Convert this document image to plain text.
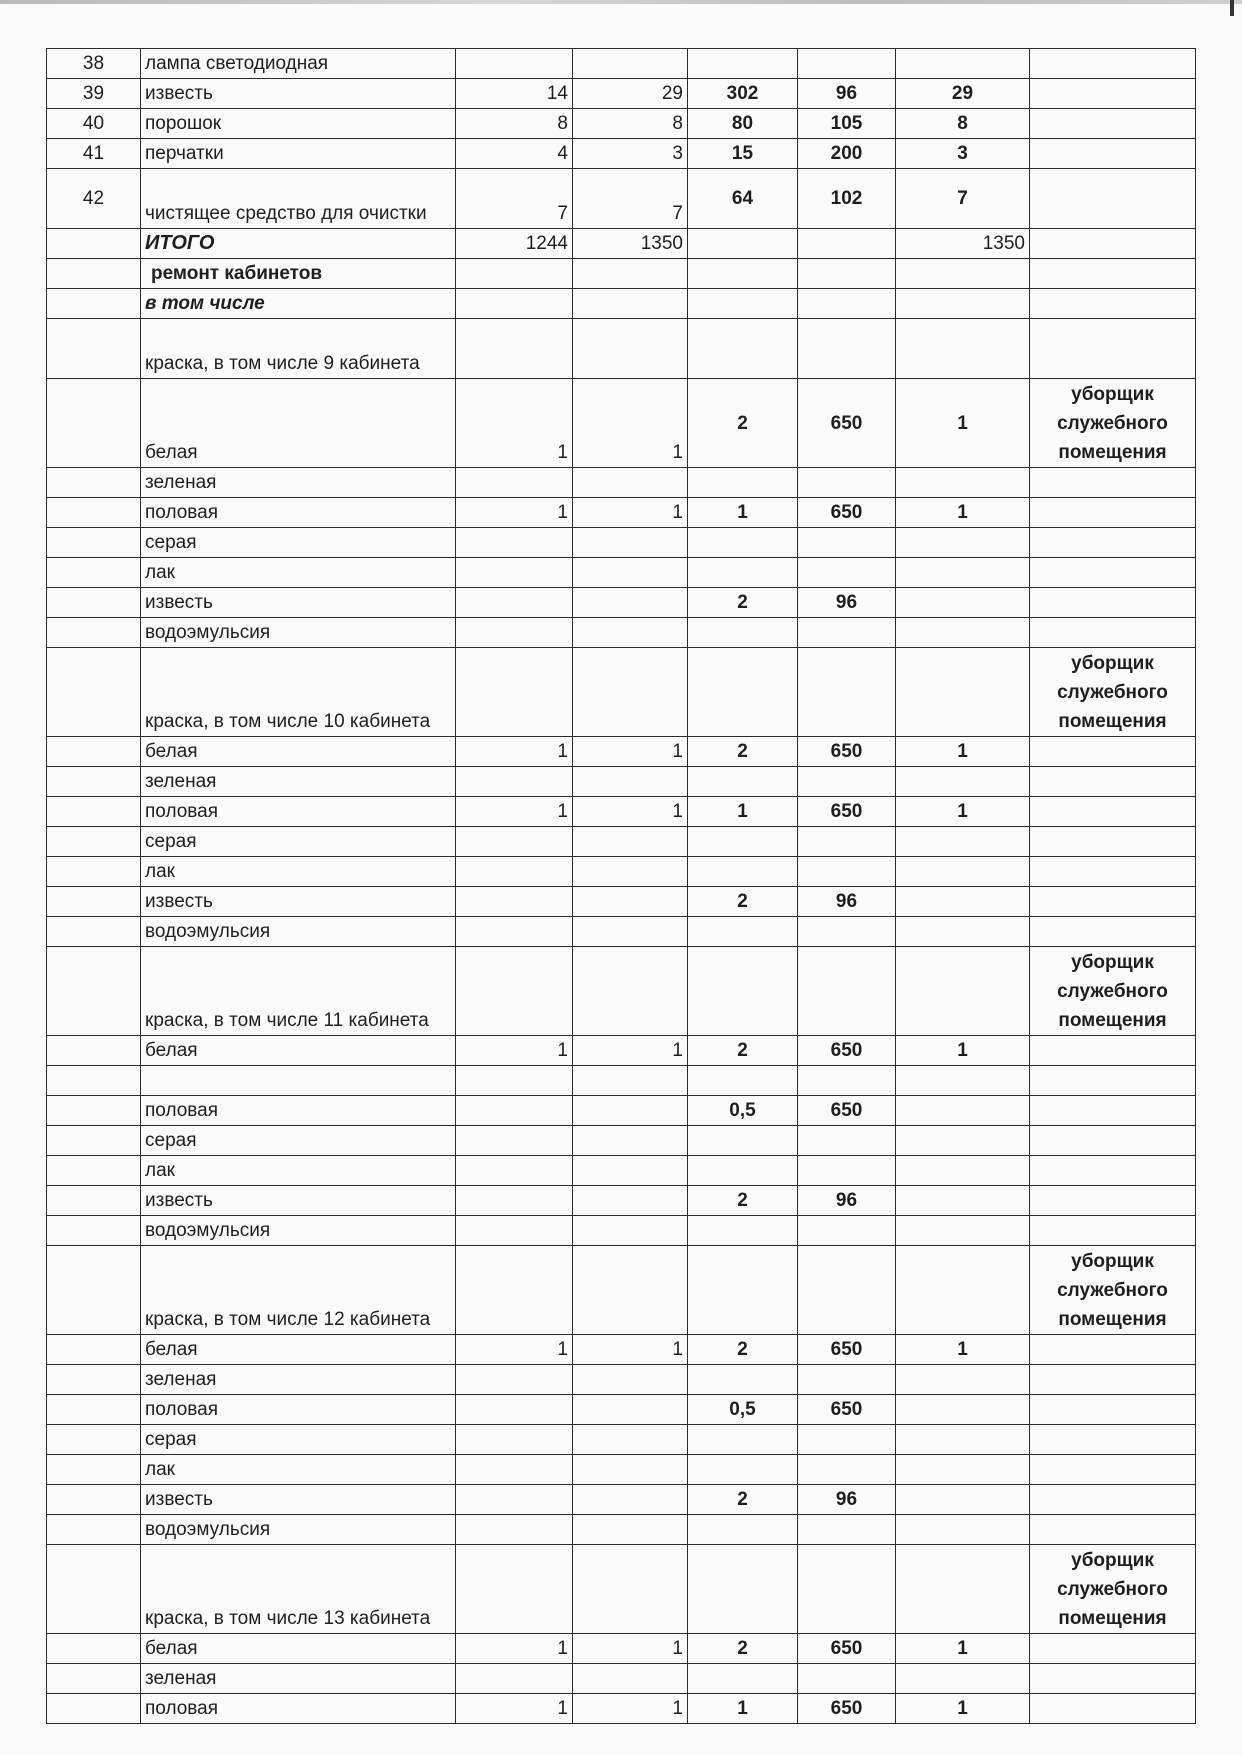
38	лампа светодиодная						
39	известь	14	29	302	96	29	
40	порошок	8	8	80	105	8	
41	перчатки	4	3	15	200	3	
42	чистящее средство для очистки	7	7	64	102	7	
	ИТОГО	1244	1350			1350	
	ремонт кабинетов						
	в том числе						
	краска, в том числе 9 кабинета						
	белая	1	1	2	650	1	уборщик служебного помещения
	зеленая						
	половая	1	1	1	650	1	
	серая						
	лак						
	известь			2	96		
	водоэмульсия						
	краска, в том числе 10 кабинета						уборщик служебного помещения
	белая	1	1	2	650	1	
	зеленая						
	половая	1	1	1	650	1	
	серая						
	лак						
	известь			2	96		
	водоэмульсия						
	краска, в том числе 11 кабинета						уборщик служебного помещения
	белая	1	1	2	650	1	

	половая			0,5	650		
	серая						
	лак						
	известь			2	96		
	водоэмульсия						
	краска, в том числе 12 кабинета						уборщик служебного помещения
	белая	1	1	2	650	1	
	зеленая						
	половая			0,5	650		
	серая						
	лак						
	известь			2	96		
	водоэмульсия						
	краска, в том числе 13 кабинета						уборщик служебного помещения
	белая	1	1	2	650	1	
	зеленая						
	половая	1	1	1	650	1	
